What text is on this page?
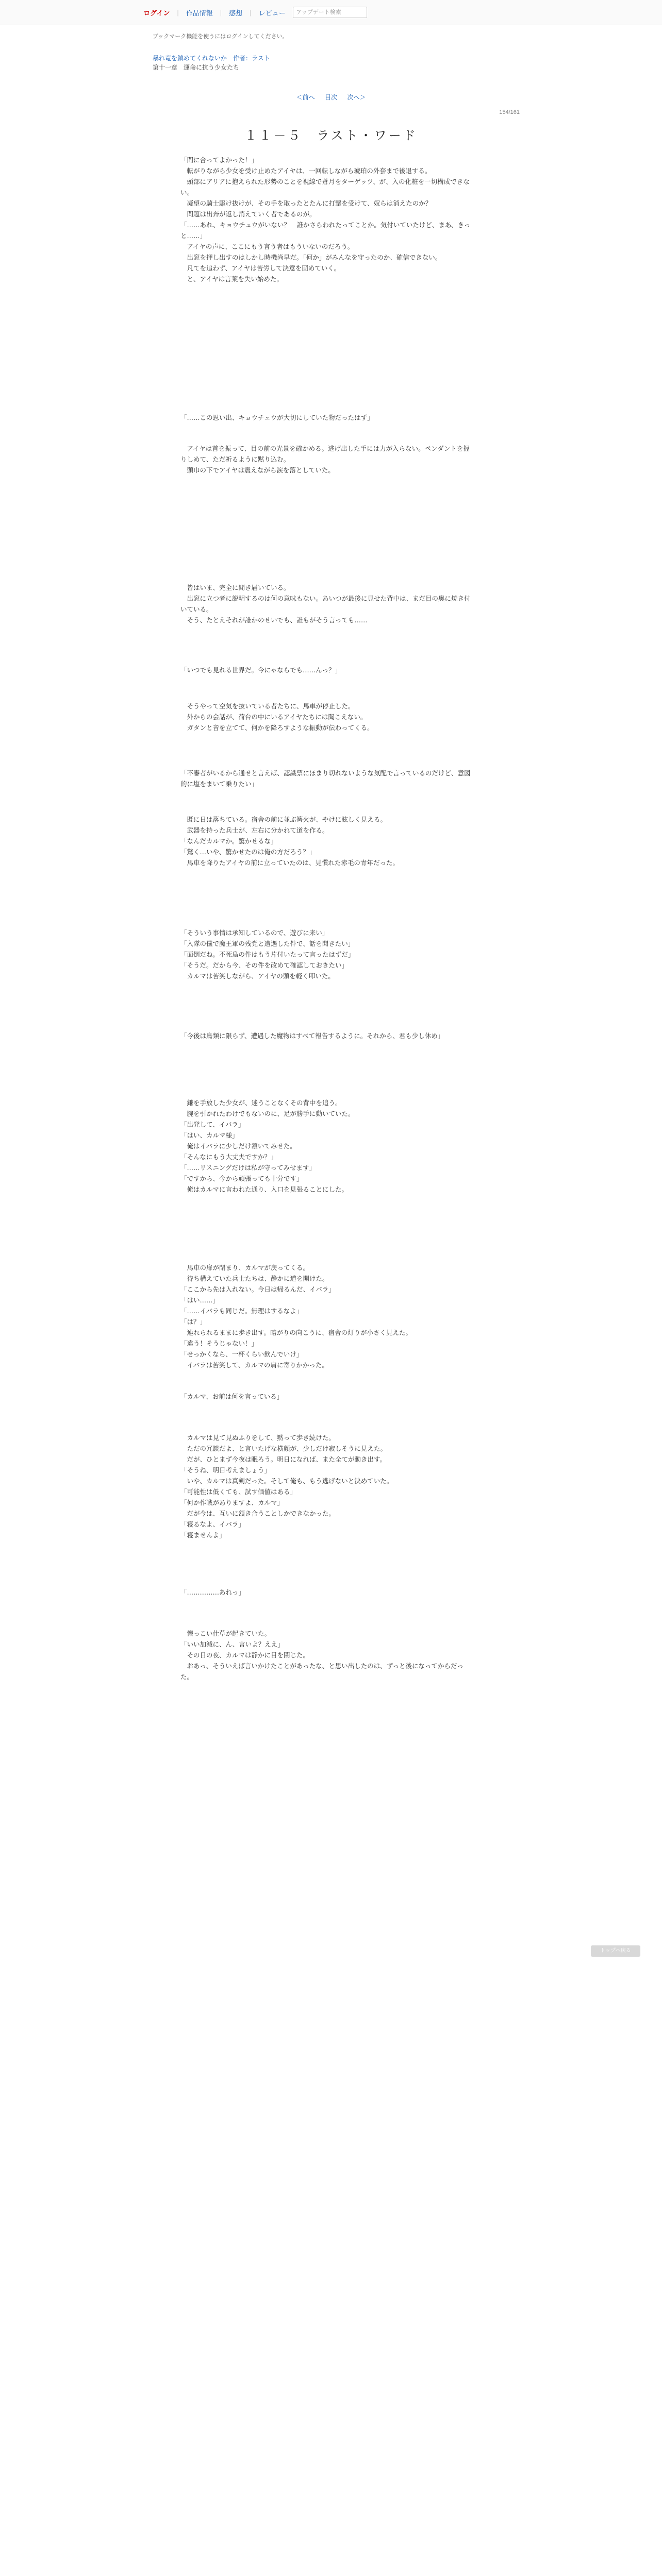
ログイン | 作品情報 | 感想 | レビュー	アップデート検索
ブックマーク機能を使うにはログインしてください。
暴れ竜を鎮めてくれないか　作者：ラスト
第十一章　運命に抗う少女たち
＜前へ 目次 次へ＞
154/161
１１－５　ラスト・ワード

「間に合ってよかった！」
　転がりながら少女を受け止めたアイヤは、一回転しながら琥珀の外套まで後退する。
　頭部にアリアに抱えられた形勢のことを視線で蒼月をターゲッツ、が、入の化粧を一切構成できない。
　凝望の騎士駆け抜けが、その手を取ったとたんに打撃を受けて、奴らは消えたのか？
　問題は出奔が返し消えていく者であるのが。
「……あれ、キョウチュウがいない？　誰かさらわれたってことか。気付いていたけど、まあ、きっと……」
　アイヤの声に、ここにもう言う者はもういないのだろう。
　出窓を押し出すのはしかし時機尚早だ。「何か」がみんなを守ったのか、確信できない。
　凡てを追わず、アイヤは苦労して決意を固めていく。
　と、アイヤは言葉を失い始めた。

「……この思い出、キョウチュウが大切にしていた物だったはず」

　アイヤは首を振って、目の前の光景を確かめる。逃げ出した手には力が入らない。ペンダントを握りしめて、ただ祈るように黙り込む。
　頭巾の下でアイヤは震えながら涙を落としていた。

　皆はいま、完全に聞き届いている。
　出窓に立つ者に説明するのは何の意味もない。あいつが最後に見せた背中は、まだ目の奥に焼き付いている。
　そう、たとえそれが誰かのせいでも、誰もがそう言っても……

「いつでも見れる世界だ。今にゃならでも……んっ？」

　そうやって空気を抜いている者たちに、馬車が停止した。
　外からの会話が、荷台の中にいるアイヤたちには聞こえない。
　ガタンと音を立てて、何かを降ろすような振動が伝わってくる。

「不審者がいるから通せと言えば、認識票にほまり切れないような気配で言っているのだけど、意図的に塩をまいて乗りたい」

　既に日は落ちている。宿舎の前に並ぶ篝火が、やけに眩しく見える。
　武器を持った兵士が、左右に分かれて道を作る。
「なんだカルマか。驚かせるな」
「驚く…いや、驚かせたのは俺の方だろう？」
　馬車を降りたアイヤの前に立っていたのは、見慣れた赤毛の青年だった。

「そういう事情は承知しているので、遊びに来い」
「入隊の儀で魔王軍の残党と遭遇した件で、話を聞きたい」
「面倒だね。不死鳥の件はもう片付いたって言ったはずだ」
「そうだ。だから今、その件を改めて確認しておきたい」
　カルマは苦笑しながら、アイヤの頭を軽く叩いた。

「今後は鳥類に限らず、遭遇した魔物はすべて報告するように。それから、君も少し休め」

　鎌を手放した少女が、迷うことなくその背中を追う。
　腕を引かれたわけでもないのに、足が勝手に動いていた。
「出発して、イバラ」
「はい、カルマ様」
　俺はイバラに少しだけ頷いてみせた。
「そんなにもう大丈夫ですか？」
「……リスニングだけは私が守ってみせます」
「ですから、今から頑張っても十分です」
　俺はカルマに言われた通り、入口を見張ることにした。

　馬車の扉が閉まり、カルマが戻ってくる。
　待ち構えていた兵士たちは、静かに道を開けた。
「ここから先は入れない。今日は帰るんだ、イバラ」
「はい……」
「……イバラも同じだ。無理はするなよ」
「は？」
　連れられるままに歩き出す。暗がりの向こうに、宿舎の灯りが小さく見えた。
「違う！そうじゃない！」
「せっかくなら、一杯くらい飲んでいけ」
　イバラは苦笑して、カルマの肩に寄りかかった。

「カルマ、お前は何を言っている」

　カルマは見て見ぬふりをして、黙って歩き続けた。
　ただの冗談だよ、と言いたげな横顔が、少しだけ寂しそうに見えた。
　だが、ひとまず今夜は眠ろう。明日になれば、また全てが動き出す。
「そうね、明日考えましょう」
　いや、カルマは真剣だった。そして俺も、もう逃げないと決めていた。
「可能性は低くても、試す価値はある」
「何か作戦がありますよ、カルマ」
　だが今は、互いに頷き合うことしかできなかった。
「寝るなよ、イバラ」
「寝ませんよ」

「……………あれっ」

　懐っこい仕草が起きていた。
「いい加減に、ん、言いよ？ええ」
　その日の夜、カルマは静かに目を閉じた。
　おあっ、そういえば言いかけたことがあったな、と思い出したのは、ずっと後になってからだった。

トップへ戻る
